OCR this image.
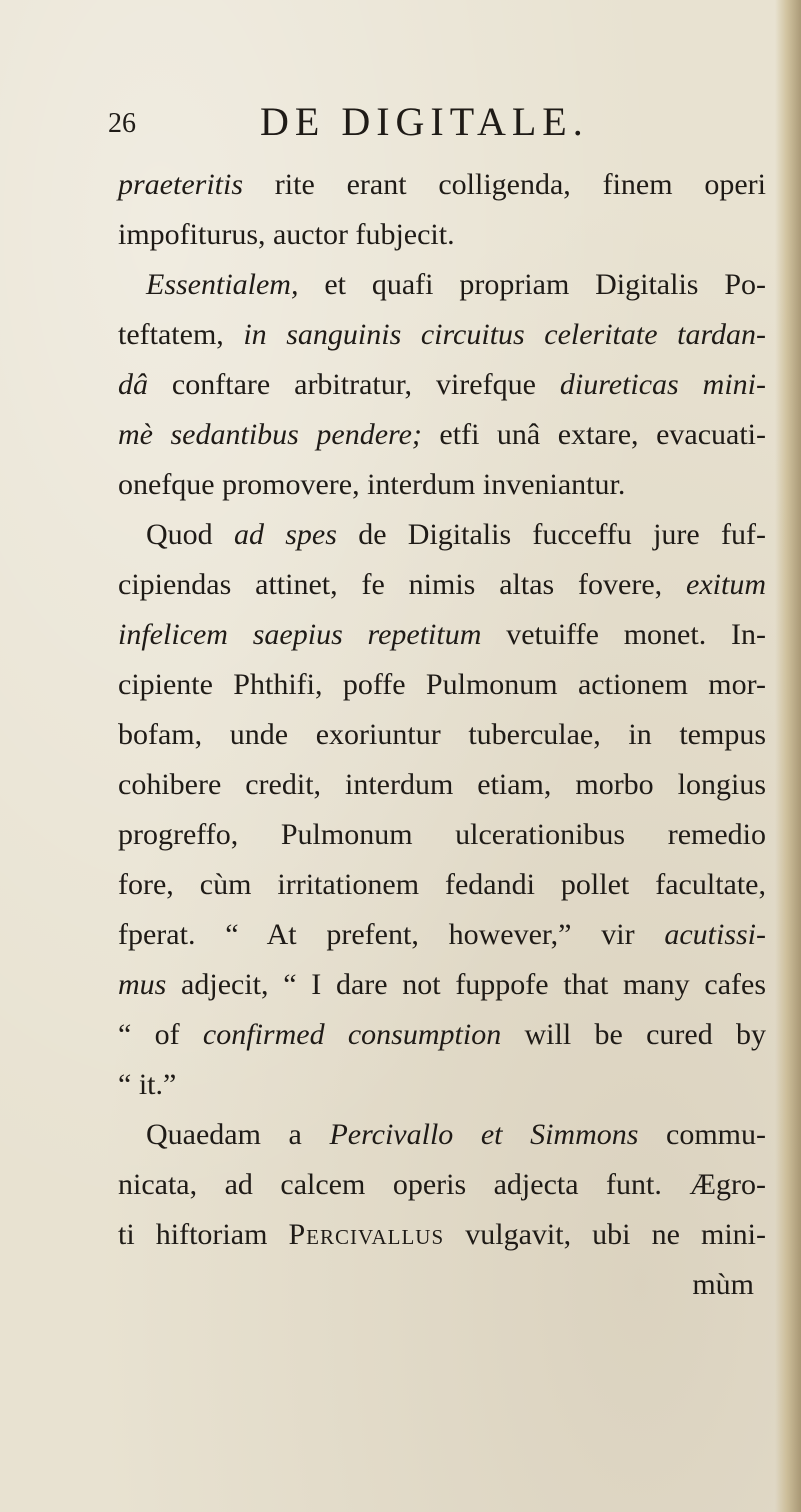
26	DE DIGITALE.
praeteritis rite erant colligenda, finem operi
impofiturus, auctor fubjecit.
Essentialem, et quafi propriam Digitalis Po-
teftatem, in sanguinis circuitus celeritate tardan-
dâ conftare arbitratur, virefque diureticas mini-
mè sedantibus pendere; etfi unâ extare, evacuati-
onefque promovere, interdum inveniantur.
Quod ad spes de Digitalis fucceffu jure fuf-
cipiendas attinet, fe nimis altas fovere, exitum
infelicem saepius repetitum vetuiffe monet. In-
cipiente Phthifi, poffe Pulmonum actionem mor-
bofam, unde exoriuntur tuberculae, in tempus
cohibere credit, interdum etiam, morbo longius
progreffo, Pulmonum ulcerationibus remedio
fore, cùm irritationem fedandi pollet facultate,
fperat. “ At prefent, however,” vir acutissi-
mus adjecit, “ I dare not fuppofe that many cafes
“ of confirmed consumption will be cured by
“ it.”
Quaedam a Percivallo et Simmons commu-
nicata, ad calcem operis adjecta funt. Ægro-
ti hiftoriam Percivallus vulgavit, ubi ne mini-
mùm
